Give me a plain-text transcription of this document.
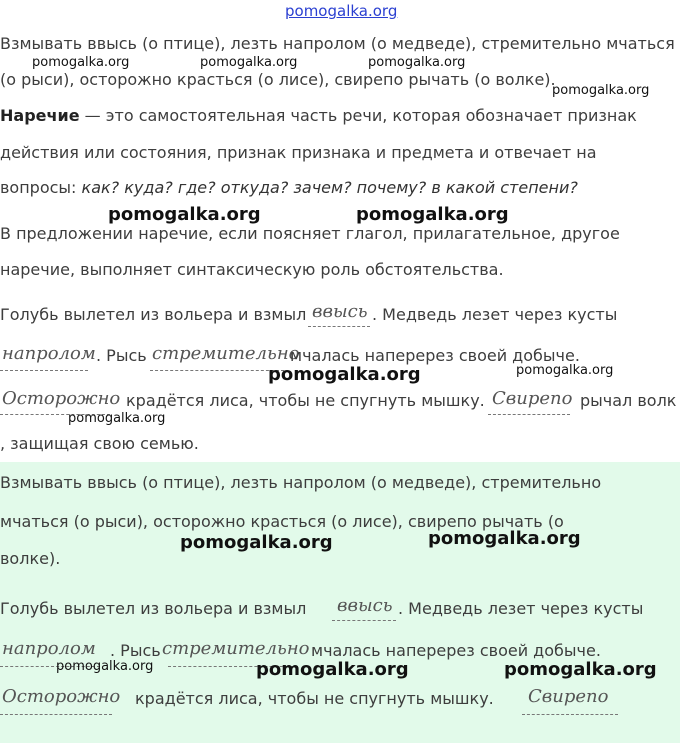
pomogalka.org
Взмывать ввысь (о птице), лезть напролом (о медведе), стремительно мчаться
(о рыси), осторожно красться (о лисе), свирепо рычать (о волке).
Наречие — это самостоятельная часть речи, которая обозначает признак
действия или состояния, признак признака и предмета и отвечает на
вопросы: как? куда? где? откуда? зачем? почему? в какой степени?
В предложении наречие, если поясняет глагол, прилагательное, другое
наречие, выполняет синтаксическую роль обстоятельства.
Голубь вылетел из вольера и взмыл ввысь . Медведь лезет через кусты
напролом . Рысь стремительно
мчалась наперерез своей добыче.
Осторожно крадётся лиса, чтобы не спугнуть мышку. Свирепо рычал волк
, защищая свою семью.
Взмывать ввысь (о птице), лезть напролом (о медведе), стремительно
мчаться (о рыси), осторожно красться (о лисе), свирепо рычать (о
волке).
Голубь вылетел из вольера и взмыл ввысь . Медведь лезет через кусты
напролом . Рысь стремительно мчалась наперерез своей добыче.
Осторожно крадётся лиса, чтобы не спугнуть мышку. Свирепо
pomogalka.org	pomogalka.org	pomogalka.org
pomogalka.org
pomogalka.org	pomogalka.org
pomogalka.org
pomogalka.org
pomogalka.org
pomogalka.org	pomogalka.org
pomogalka.org	pomogalka.org	pomogalka.org
